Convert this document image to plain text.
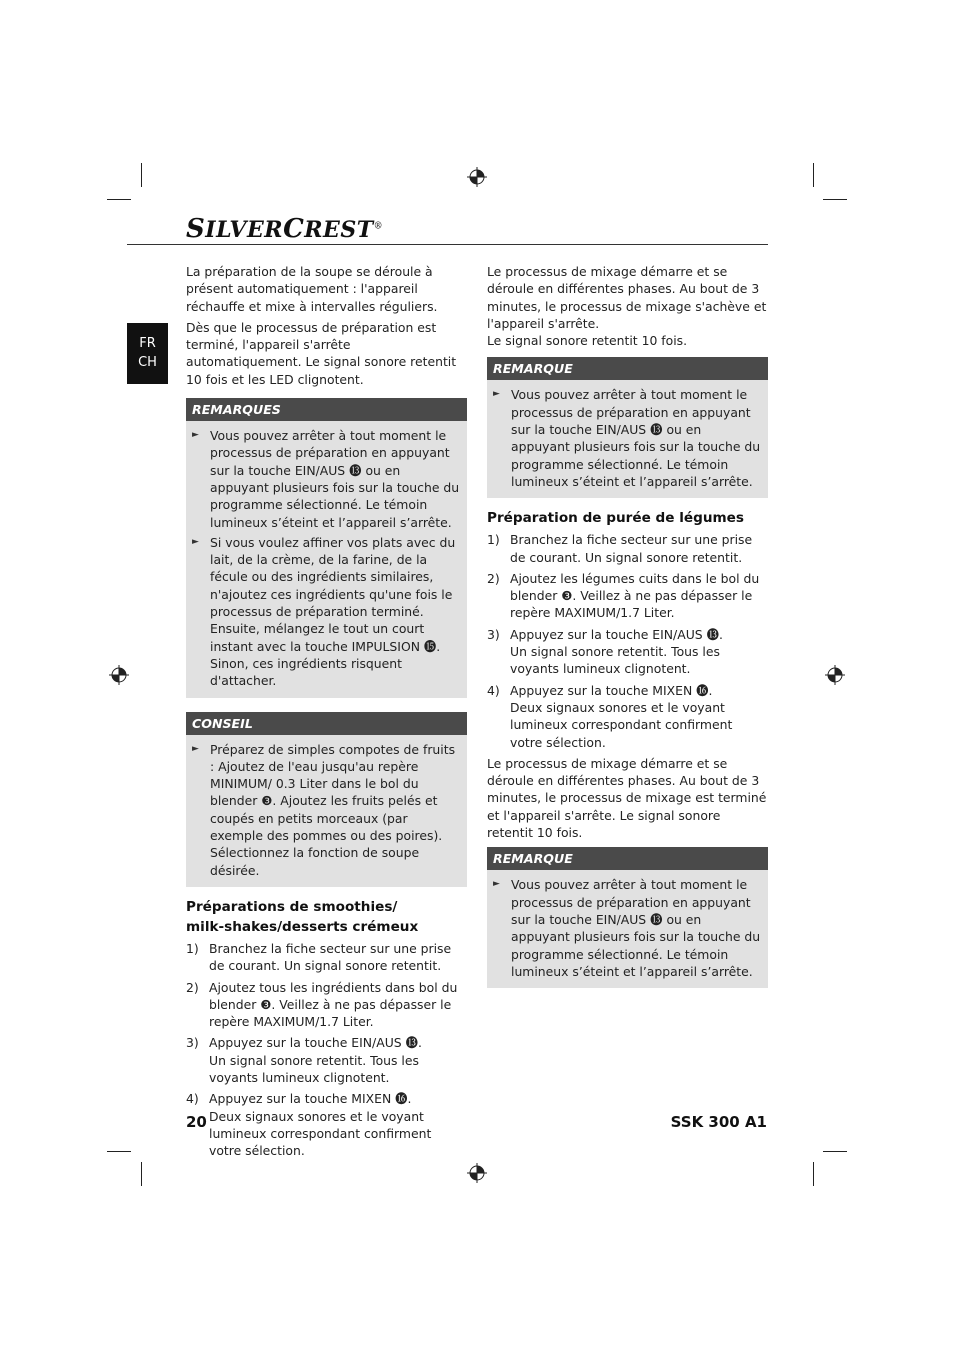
SILVERCREST®
FR
CH

La préparation de la soupe se déroule à présent automatiquement : l'appareil réchauffe et mixe à intervalles réguliers.

Dès que le processus de préparation est terminé, l'appareil s'arrête automatiquement. Le signal sonore retentit 10 fois et les LED clignotent.

REMARQUES
► Vous pouvez arrêter à tout moment le processus de préparation en appuyant sur la touche EIN/AUS ⓭ ou en appuyant plusieurs fois sur la touche du programme sélectionné. Le témoin lumineux s’éteint et l’appareil s’arrête.
► Si vous voulez affiner vos plats avec du lait, de la crème, de la farine, de la fécule ou des ingrédients similaires, n'ajoutez ces ingrédients qu'une fois le processus de préparation terminé. Ensuite, mélangez le tout un court instant avec la touche IMPULSION ⓯. Sinon, ces ingrédients risquent d'attacher.
CONSEIL
► Préparez de simples compotes de fruits : Ajoutez de l'eau jusqu'au repère MINIMUM/ 0.3 Liter dans le bol du blender ❸. Ajoutez les fruits pelés et coupés en petits morceaux (par exemple des pommes ou des poires). Sélectionnez la fonction de soupe désirée.
Préparations de smoothies/
milk-shakes/desserts crémeux
1) Branchez la fiche secteur sur une prise de courant. Un signal sonore retentit.
2) Ajoutez tous les ingrédients dans bol du blender ❸. Veillez à ne pas dépasser le repère MAXIMUM/1.7 Liter.
3) Appuyez sur la touche EIN/AUS ⓭.
Un signal sonore retentit. Tous les voyants lumineux clignotent.
4) Appuyez sur la touche MIXEN ⓰.
Deux signaux sonores et le voyant lumineux correspondant confirment votre sélection.

Le processus de mixage démarre et se déroule en différentes phases. Au bout de 3 minutes, le processus de mixage s'achève et l'appareil s'arrête.
Le signal sonore retentit 10 fois.

REMARQUE
► Vous pouvez arrêter à tout moment le processus de préparation en appuyant sur la touche EIN/AUS ⓭ ou en appuyant plusieurs fois sur la touche du programme sélectionné. Le témoin lumineux s’éteint et l’appareil s’arrête.
Préparation de purée de légumes
1) Branchez la fiche secteur sur une prise de courant. Un signal sonore retentit.
2) Ajoutez les légumes cuits dans le bol du blender ❸. Veillez à ne pas dépasser le repère MAXIMUM/1.7 Liter.
3) Appuyez sur la touche EIN/AUS ⓭.
Un signal sonore retentit. Tous les voyants lumineux clignotent.
4) Appuyez sur la touche MIXEN ⓰.
Deux signaux sonores et le voyant lumineux correspondant confirment votre sélection.

Le processus de mixage démarre et se déroule en différentes phases. Au bout de 3 minutes, le processus de mixage est terminé et l'appareil s'arrête. Le signal sonore retentit 10 fois.

REMARQUE
► Vous pouvez arrêter à tout moment le processus de préparation en appuyant sur la touche EIN/AUS ⓭ ou en appuyant plusieurs fois sur la touche du programme sélectionné. Le témoin lumineux s’éteint et l’appareil s’arrête.
20	SSK 300 A1
